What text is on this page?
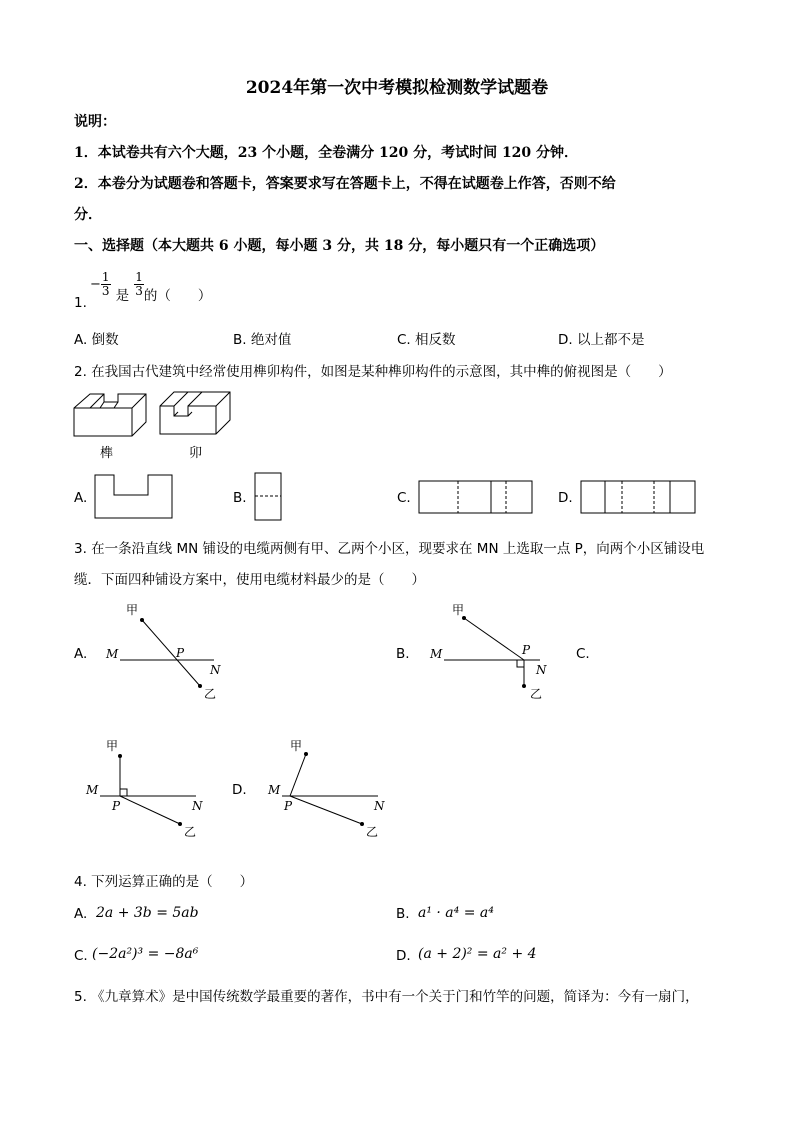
2024年第一次中考模拟检测数学试题卷
说明：
1．本试卷共有六个大题，23 个小题，全卷满分 120 分，考试时间 120 分钟．
2．本卷分为试题卷和答题卡，答案要求写在答题卡上，不得在试题卷上作答，否则不给
分．
一、选择题（本大题共 6 小题，每小题 3 分，共 18 分，每小题只有一个正确选项）
1.
− $\frac{1}{3} _是 \frac{1}{3} _{的( )}$
A. 倒数	B. 绝对值	C. 相反数	D. 以上都不是
2. 在我国古代建筑中经常使用榫卯构件，如图是某种榫卯构件的示意图，其中榫的俯视图是（　　）
榫	卯
A.	B.	C.	D.
3. 在一条沿直线 MN 铺设的电缆两侧有甲、乙两个小区，现要求在 MN 上选取一点 P，向两个小区铺设电
缆．下面四种铺设方案中，使用电缆材料最少的是（　　）
A.
甲
乙
M
N
P	B.
甲
乙
M
N
P	C.
甲
乙
M
N
P
D.
甲
乙
M
N
P
4. 下列运算正确的是（　　）
A. 2a + 3b = 5ab	B. a¹ · a⁴ = a⁴
C. (−2a²)³ = −8a⁶	D. (a + 2)² = a² + 4
5. 《九章算术》是中国传统数学最重要的著作，书中有一个关于门和竹竿的问题，简译为：今有一扇门，
